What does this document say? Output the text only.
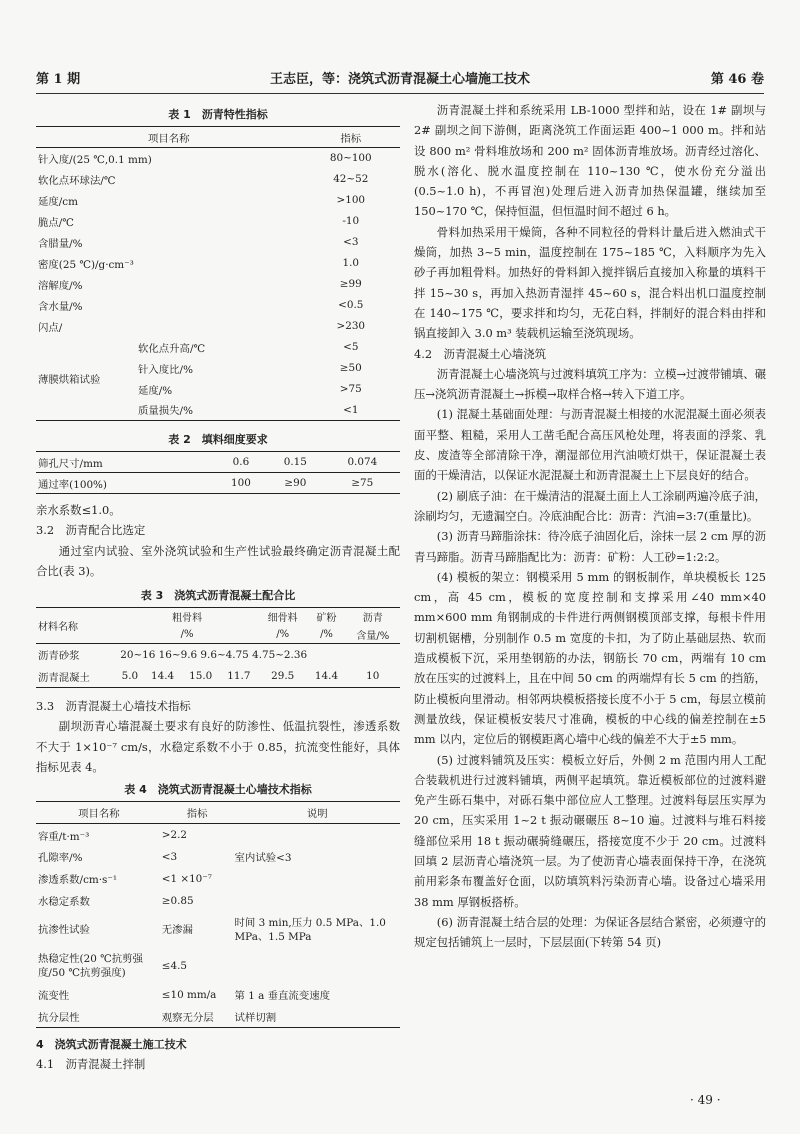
第 1 期	王志臣，等：浇筑式沥青混凝土心墙施工技术	第 46 卷
表 1　沥青特性指标
项目名称		指标
针入度/(25 ℃,0.1 mm)		80~100
软化点环球法/℃		42~52
延度/cm		>100
脆点/℃		-10
含腊量/%		<3
密度(25 ℃)/g·cm⁻³		1.0
溶解度/%		≥99
含水量/%		<0.5
闪点/		>230
薄膜烘箱试验	软化点升高/℃	<5
	针入度比/%	≥50
	延度/%	>75
	质量损失/%	<1
表 2　填料细度要求
筛孔尺寸/mm	0.6	0.15	0.074
通过率(100%)	100	≥90	≥75

亲水系数≤1.0。

3.2　沥青配合比选定

通过室内试验、室外浇筑试验和生产性试验最终确定沥青混凝土配合比(表 3)。

表 3　浇筑式沥青混凝土配合比
材料名称	粗骨料				细骨料	矿粉	沥青
	/%				/%	/%	含量/%
沥青砂浆	20~16 16~9.6 9.6~4.75 4.75~2.36						
沥青混凝土	5.0	14.4	15.0	11.7	29.5	14.4	10

3.3　沥青混凝土心墙技术指标

副坝沥青心墙混凝土要求有良好的防渗性、低温抗裂性，渗透系数不大于 1×10⁻⁷ cm/s，水稳定系数不小于 0.85，抗流变性能好，具体指标见表 4。

表 4　浇筑式沥青混凝土心墙技术指标
项目名称	指标	说明
容重/t·m⁻³	>2.2	
孔隙率/%	<3	室内试验<3
渗透系数/cm·s⁻¹	<1 ×10⁻⁷	
水稳定系数	≥0.85	
抗渗性试验	无渗漏	时间 3 min,压力 0.5 MPa、1.0 MPa、1.5 MPa
热稳定性(20 ℃抗剪强度/50 ℃抗剪强度)	≤4.5	
流变性	≤10 mm/a	第 1 a 垂直流变速度
抗分层性	观察无分层	试样切割

4　浇筑式沥青混凝土施工技术

4.1　沥青混凝土拌制

沥青混凝土拌和系统采用 LB-1000 型拌和站，设在 1# 副坝与 2# 副坝之间下游侧，距离浇筑工作面运距 400~1 000 m。拌和站设 800 m² 骨料堆放场和 200 m² 固体沥青堆放场。沥青经过溶化、脱水(溶化、脱水温度控制在 110~130 ℃，使水份充分溢出(0.5~1.0 h)，不再冒泡)处理后进入沥青加热保温罐，继续加至 150~170 ℃，保持恒温，但恒温时间不超过 6 h。

骨料加热采用干燥筒，各种不同粒径的骨料计量后进入燃油式干燥筒，加热 3~5 min，温度控制在 175~185 ℃，入料顺序为先入砂子再加粗骨料。加热好的骨料卸入搅拌锅后直接加入称量的填料干拌 15~30 s，再加入热沥青湿拌 45~60 s，混合料出机口温度控制在 140~175 ℃，要求拌和均匀，无花白料，拌制好的混合料由拌和锅直接卸入 3.0 m³ 装载机运输至浇筑现场。

4.2　沥青混凝土心墙浇筑

沥青混凝土心墙浇筑与过渡料填筑工序为：立模→过渡带铺填、碾压→浇筑沥青混凝土→拆模→取样合格→转入下道工序。

(1) 混凝土基础面处理：与沥青混凝土相接的水泥混凝土面必须表面平整、粗糙，采用人工凿毛配合高压风枪处理，将表面的浮浆、乳皮、废渣等全部清除干净，潮湿部位用汽油喷灯烘干，保证混凝土表面的干燥清洁，以保证水泥混凝土和沥青混凝土上下层良好的结合。

(2) 刷底子油：在干燥清洁的混凝土面上人工涂刷两遍冷底子油，涂刷均匀，无遗漏空白。冷底油配合比：沥青：汽油=3:7(重量比)。

(3) 沥青马蹄脂涂抹：待冷底子油固化后，涂抹一层 2 cm 厚的沥青马蹄脂。沥青马蹄脂配比为：沥青：矿粉：人工砂=1:2:2。

(4) 模板的架立：钢模采用 5 mm 的钢板制作，单块模板长 125 cm，高 45 cm，模板的宽度控制和支撑采用∠40 mm×40 mm×600 mm 角钢制成的卡件进行两侧钢模顶部支撑，每根卡件用切割机锯槽，分别制作 0.5 m 宽度的卡扣，为了防止基础层热、软而造成模板下沉，采用垫钢筋的办法，钢筋长 70 cm，两端有 10 cm 放在压实的过渡料上，且在中间 50 cm 的两端焊有长 5 cm 的挡筋，防止模板向里滑动。相邻两块模板搭接长度不小于 5 cm，每层立模前测量放线，保证模板安装尺寸准确，模板的中心线的偏差控制在±5 mm 以内，定位后的钢模距离心墙中心线的偏差不大于±5 mm。

(5) 过渡料铺筑及压实：模板立好后，外侧 2 m 范围内用人工配合装载机进行过渡料铺填，两侧平起填筑。靠近模板部位的过渡料避免产生砾石集中，对砾石集中部位应人工整理。过渡料每层压实厚为 20 cm，压实采用 1~2 t 振动碾碾压 8~10 遍。过渡料与堆石料接缝部位采用 18 t 振动碾骑缝碾压，搭接宽度不少于 20 cm。过渡料回填 2 层沥青心墙浇筑一层。为了使沥青心墙表面保持干净，在浇筑前用彩条布覆盖好仓面，以防填筑料污染沥青心墙。设备过心墙采用 38 mm 厚钢板搭桥。

(6) 沥青混凝土结合层的处理：为保证各层结合紧密，必须遵守的规定包括铺筑上一层时，下层层面(下转第 54 页)

· 49 ·
